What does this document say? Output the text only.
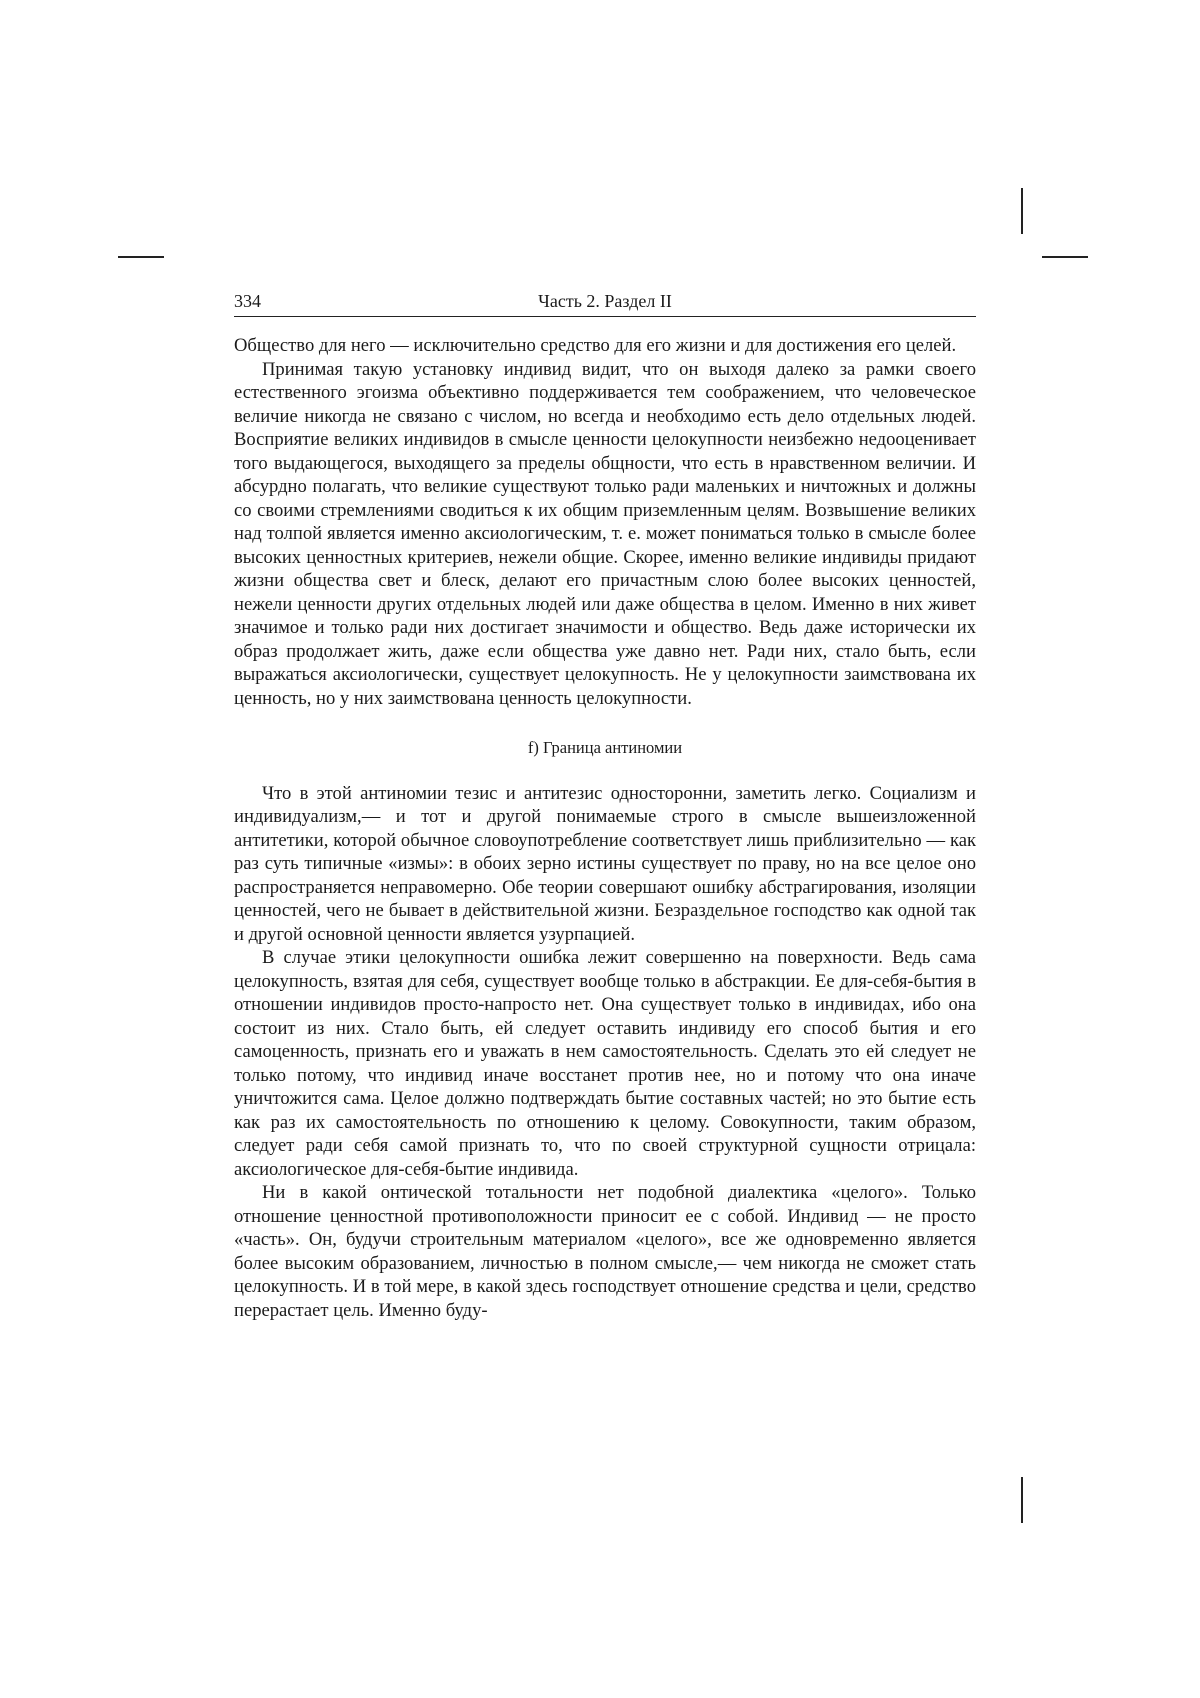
334	Часть 2. Раздел II

Общество для него — исключительно средство для его жизни и для достижения его целей.

Принимая такую установку индивид видит, что он выходя далеко за рамки своего естественного эгоизма объективно поддерживается тем соображением, что человеческое величие никогда не связано с числом, но всегда и необходимо есть дело отдельных людей. Восприятие великих индивидов в смысле ценности целокупности неизбежно недооценивает того выдающегося, выходящего за пределы общности, что есть в нравственном величии. И абсурдно полагать, что великие существуют только ради маленьких и ничтожных и должны со своими стремлениями сводиться к их общим приземленным целям. Возвышение великих над толпой является именно аксиологическим, т. е. может пониматься только в смысле более высоких ценностных критериев, нежели общие. Скорее, именно великие индивиды придают жизни общества свет и блеск, делают его причастным слою более высоких ценностей, нежели ценности других отдельных людей или даже общества в целом. Именно в них живет значимое и только ради них достигает значимости и общество. Ведь даже исторически их образ продолжает жить, даже если общества уже давно нет. Ради них, стало быть, если выражаться аксиологически, существует целокупность. Не у целокупности заимствована их ценность, но у них заимствована ценность целокупности.

f) Граница антиномии

Что в этой антиномии тезис и антитезис односторонни, заметить легко. Социализм и индивидуализм,— и тот и другой понимаемые строго в смысле вышеизложенной антитетики, которой обычное словоупотребление соответствует лишь приблизительно — как раз суть типичные «измы»: в обоих зерно истины существует по праву, но на все целое оно распространяется неправомерно. Обе теории совершают ошибку абстрагирования, изоляции ценностей, чего не бывает в действительной жизни. Безраздельное господство как одной так и другой основной ценности является узурпацией.

В случае этики целокупности ошибка лежит совершенно на поверхности. Ведь сама целокупность, взятая для себя, существует вообще только в абстракции. Ее для-себя-бытия в отношении индивидов просто-напросто нет. Она существует только в индивидах, ибо она состоит из них. Стало быть, ей следует оставить индивиду его способ бытия и его самоценность, признать его и уважать в нем самостоятельность. Сделать это ей следует не только потому, что индивид иначе восстанет против нее, но и потому что она иначе уничтожится сама. Целое должно подтверждать бытие составных частей; но это бытие есть как раз их самостоятельность по отношению к целому. Совокупности, таким образом, следует ради себя самой признать то, что по своей структурной сущности отрицала: аксиологическое для-себя-бытие индивида.

Ни в какой онтической тотальности нет подобной диалектика «целого». Только отношение ценностной противоположности приносит ее с собой. Индивид — не просто «часть». Он, будучи строительным материалом «целого», все же одновременно является более высоким образованием, личностью в полном смысле,— чем никогда не сможет стать целокупность. И в той мере, в какой здесь господствует отношение средства и цели, средство перерастает цель. Именно буду-
